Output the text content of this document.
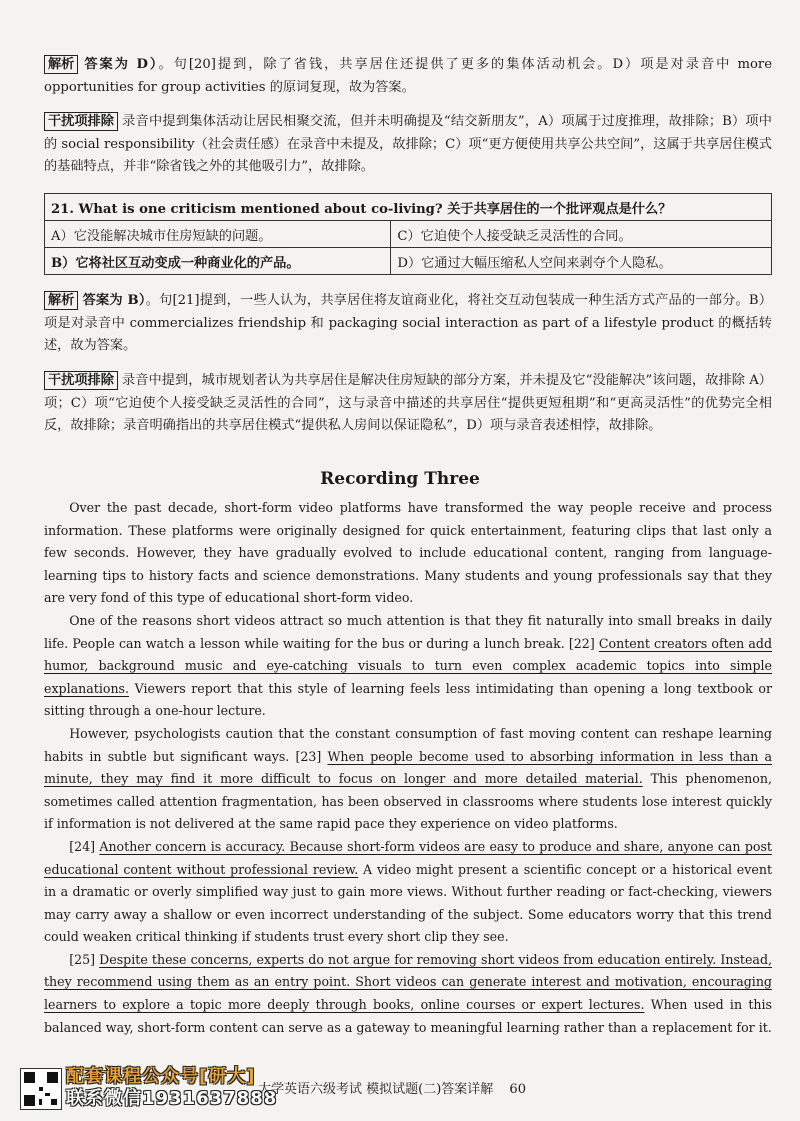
解析 答案为 D）。句[20]提到，除了省钱，共享居住还提供了更多的集体活动机会。D）项是对录音中 more opportunities for group activities 的原词复现，故为答案。

干扰项排除 录音中提到集体活动让居民相聚交流，但并未明确提及“结交新朋友”，A）项属于过度推理，故排除；B）项中的 social responsibility（社会责任感）在录音中未提及，故排除；C）项“更方便使用共享公共空间”，这属于共享居住模式的基础特点，并非“除省钱之外的其他吸引力”，故排除。

21. What is one criticism mentioned about co-living? 关于共享居住的一个批评观点是什么？	
A）它没能解决城市住房短缺的问题。	C）它迫使个人接受缺乏灵活性的合同。
B）它将社区互动变成一种商业化的产品。	D）它通过大幅压缩私人空间来剥夺个人隐私。

解析 答案为 B）。句[21]提到，一些人认为，共享居住将友谊商业化，将社交互动包装成一种生活方式产品的一部分。B）项是对录音中 commercializes friendship 和 packaging social interaction as part of a lifestyle product 的概括转述，故为答案。

干扰项排除 录音中提到，城市规划者认为共享居住是解决住房短缺的部分方案，并未提及它“没能解决”该问题，故排除 A）项；C）项“它迫使个人接受缺乏灵活性的合同”，这与录音中描述的共享居住“提供更短租期”和“更高灵活性”的优势完全相反，故排除；录音明确指出的共享居住模式“提供私人房间以保证隐私”，D）项与录音表述相悖，故排除。

Recording Three

Over the past decade, short-form video platforms have transformed the way people receive and process information. These platforms were originally designed for quick entertainment, featuring clips that last only a few seconds. However, they have gradually evolved to include educational content, ranging from language-learning tips to history facts and science demonstrations. Many students and young professionals say that they are very fond of this type of educational short-form video.

One of the reasons short videos attract so much attention is that they fit naturally into small breaks in daily life. People can watch a lesson while waiting for the bus or during a lunch break. [22] Content creators often add humor, background music and eye-catching visuals to turn even complex academic topics into simple explanations. Viewers report that this style of learning feels less intimidating than opening a long textbook or sitting through a one-hour lecture.

However, psychologists caution that the constant consumption of fast moving content can reshape learning habits in subtle but significant ways. [23] When people become used to absorbing information in less than a minute, they may find it more difficult to focus on longer and more detailed material. This phenomenon, sometimes called attention fragmentation, has been observed in classrooms where students lose interest quickly if information is not delivered at the same rapid pace they experience on video platforms.

[24] Another concern is accuracy. Because short-form videos are easy to produce and share, anyone can post educational content without professional review. A video might present a scientific concept or a historical event in a dramatic or overly simplified way just to gain more views. Without further reading or fact-checking, viewers may carry away a shallow or even incorrect understanding of the subject. Some educators worry that this trend could weaken critical thinking if students trust every short clip they see.

[25] Despite these concerns, experts do not argue for removing short videos from education entirely. Instead, they recommend using them as an entry point. Short videos can generate interest and motivation, encouraging learners to explore a topic more deeply through books, online courses or expert lectures. When used in this balanced way, short-form content can serve as a gateway to meaningful learning rather than a replacement for it.

配套课程公众号[研大]
联系微信1931637888
大学英语六级考试 模拟试题(二)答案详解 60
